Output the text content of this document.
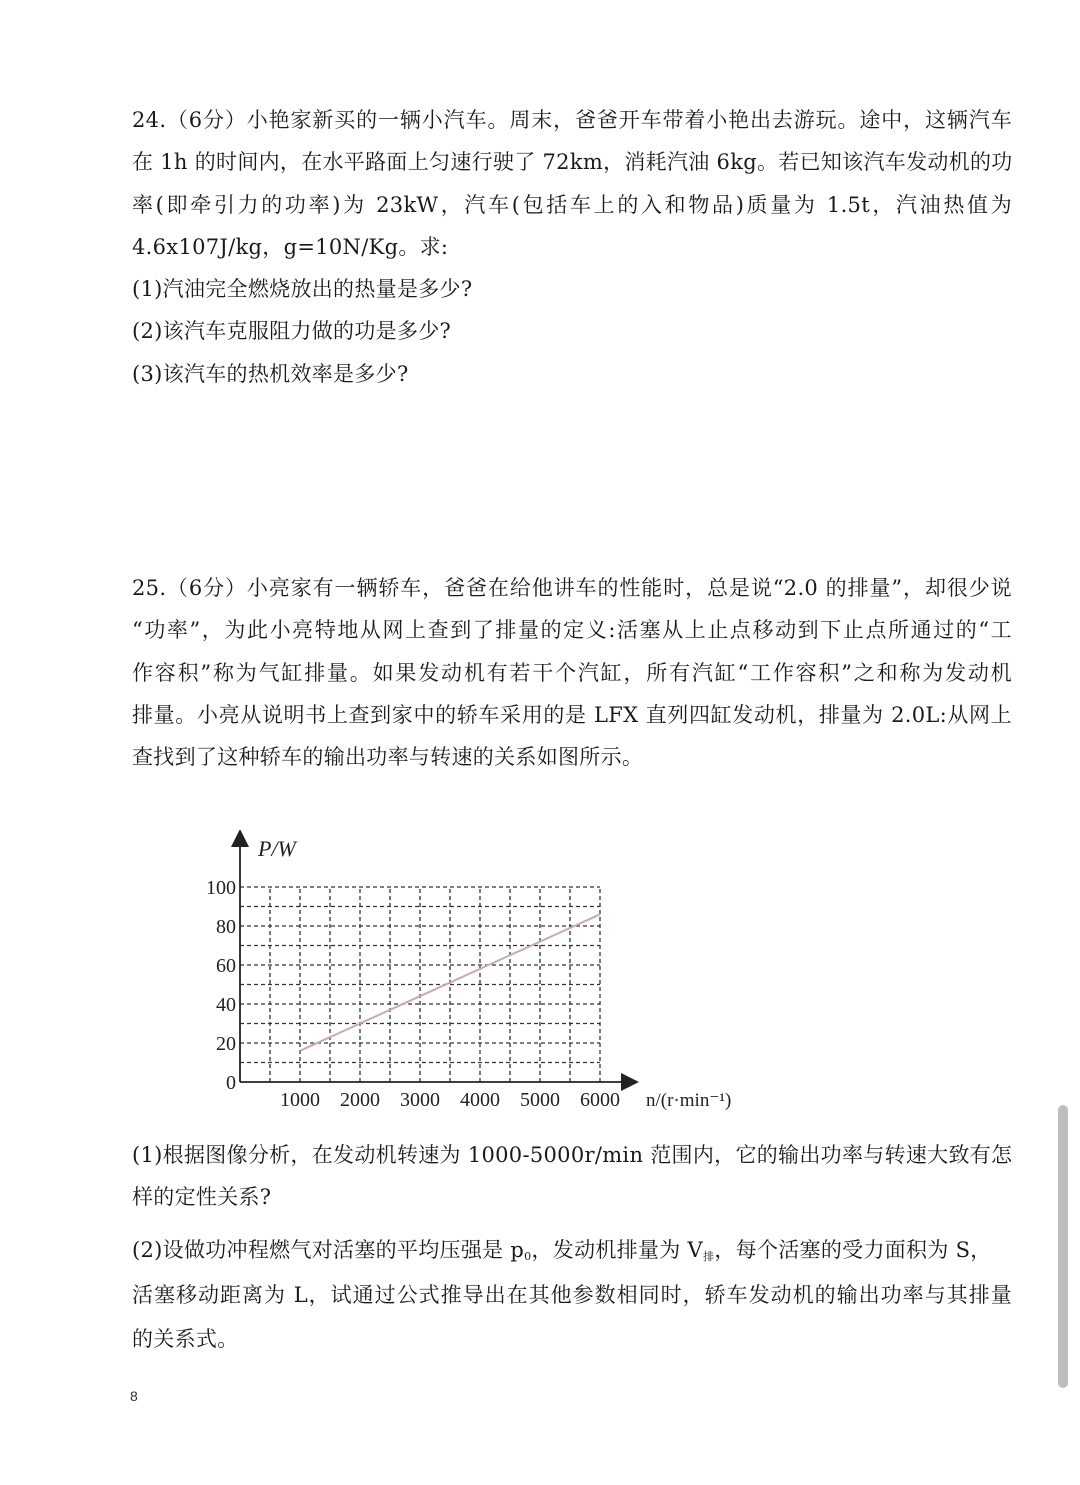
24.（6分）小艳家新买的一辆小汽车。周末，爸爸开车带着小艳出去游玩。途中，这辆汽车
在 1h 的时间内，在水平路面上匀速行驶了 72km，消耗汽油 6kg。若已知该汽车发动机的功
率(即牵引力的功率)为 23kW，汽车(包括车上的入和物品)质量为 1.5t，汽油热值为
4.6x107J/kg，g=10N/Kg。求:
(1)汽油完全燃烧放出的热量是多少?
(2)该汽车克服阻力做的功是多少?
(3)该汽车的热机效率是多少?
25.（6分）小亮家有一辆轿车，爸爸在给他讲车的性能时，总是说“2.0 的排量”，却很少说
“功率”，为此小亮特地从网上查到了排量的定义:活塞从上止点移动到下止点所通过的“工
作容积”称为气缸排量。如果发动机有若干个汽缸，所有汽缸“工作容积”之和称为发动机
排量。小亮从说明书上查到家中的轿车采用的是 LFX 直列四缸发动机，排量为 2.0L:从网上
查找到了这种轿车的输出功率与转速的关系如图所示。
P/W
n/(r·min⁻¹)
0
20
40
60
80
100
1000 2000 3000 4000 5000 6000
(1)根据图像分析，在发动机转速为 1000-5000r/min 范围内，它的输出功率与转速大致有怎
样的定性关系?
(2)设做功冲程燃气对活塞的平均压强是 $p_0$，发动机排量为 $V_排$，每个活塞的受力面积为 S，
活塞移动距离为 L，试通过公式推导出在其他参数相同时，轿车发动机的输出功率与其排量
的关系式。
8
